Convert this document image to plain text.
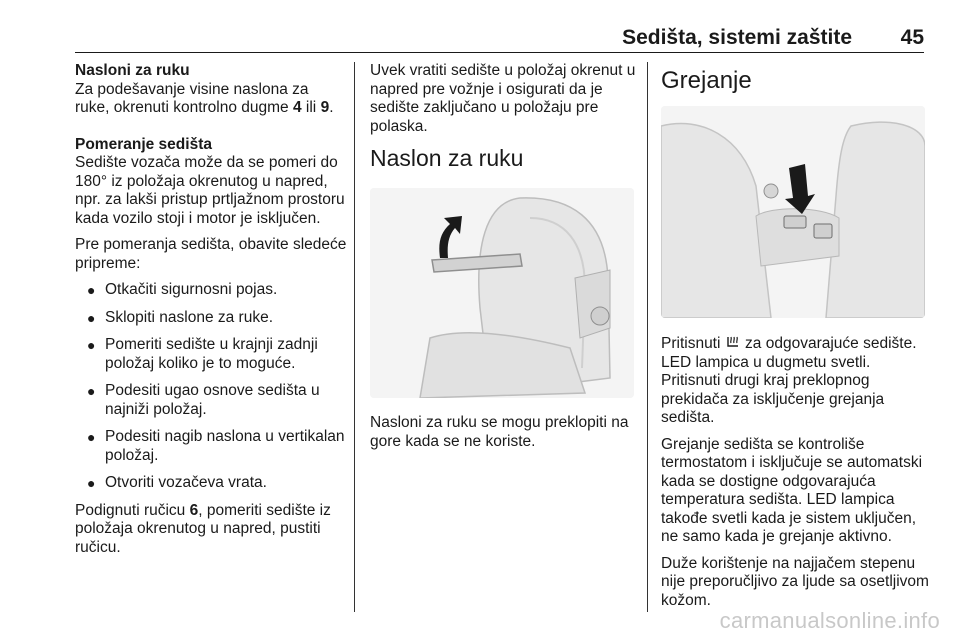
Sedišta, sistemi zaštite 45

Nasloni za ruku

Za podešavanje visine naslona za ruke, okrenuti kontrolno dugme 4 ili 9.

Pomeranje sedišta

Sedište vozača može da se pomeri do 180° iz položaja okrenutog u napred, npr. za lakši pristup prtljažnom prostoru kada vozilo stoji i motor je isključen.

Pre pomeranja sedišta, obavite sledeće pripreme:

● Otkačiti sigurnosni pojas.
● Sklopiti naslone za ruke.
● Pomeriti sedište u krajnji zadnji položaj koliko je to moguće.
● Podesiti ugao osnove sedišta u najniži položaj.
● Podesiti nagib naslona u vertikalan položaj.
● Otvoriti vozačeva vrata.

Podignuti ručicu 6, pomeriti sedište iz položaja okrenutog u napred, pustiti ručicu.

Uvek vratiti sedište u položaj okrenut u napred pre vožnje i osigurati da je sedište zaključano u položaju pre polaska.

Naslon za ruku

Nasloni za ruku se mogu preklopiti na gore kada se ne koriste.

Grejanje

Pritisnuti  za odgovarajuće sedište. LED lampica u dugmetu svetli. Pritisnuti drugi kraj preklopnog prekidača za isključenje grejanja sedišta.

Grejanje sedišta se kontroliše termostatom i isključuje se automatski kada se dostigne odgovarajuća temperatura sedišta. LED lampica takođe svetli kada je sistem uključen, ne samo kada je grejanje aktivno.

Duže korištenje na najjačem stepenu nije preporučljivo za ljude sa osetljivom kožom.

carmanualsonline.info
